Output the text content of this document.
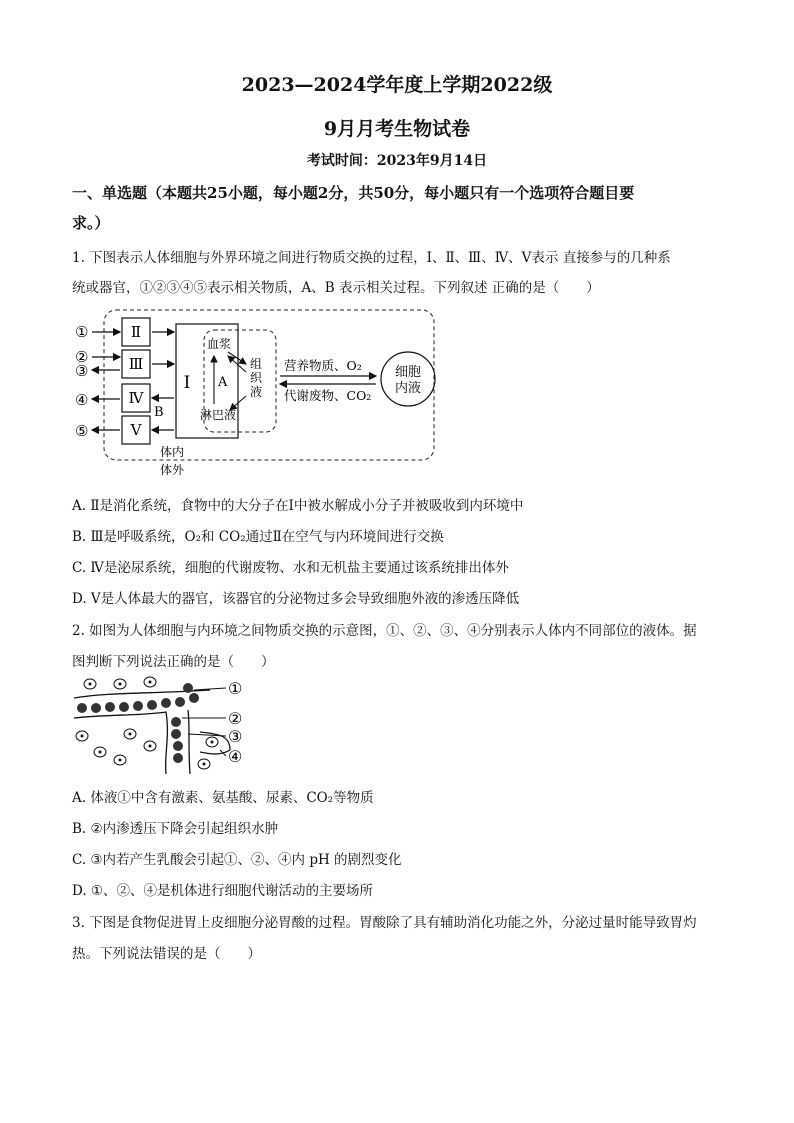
2023—2024学年度上学期2022级
9月月考生物试卷
考试时间：2023年9月14日
一、单选题（本题共25小题，每小题2分，共50分，每小题只有一个选项符合题目要
求。）
1. 下图表示人体细胞与外界环境之间进行物质交换的过程，Ⅰ、Ⅱ、Ⅲ、Ⅳ、Ⅴ表示 直接参与的几种系
统或器官，①②③④⑤表示相关物质，A、B 表示相关过程。下列叙述 正确的是（　　）
①
②
③
④
⑤
Ⅱ
Ⅲ
Ⅳ
Ⅴ
Ⅰ
B
血浆
淋巴液
组
织
液
A
营养物质、O₂
代谢废物、CO₂
细胞
内液
体内
体外
A. Ⅱ是消化系统，食物中的大分子在Ⅰ中被水解成小分子并被吸收到内环境中
B. Ⅲ是呼吸系统，O₂和 CO₂通过Ⅱ在空气与内环境间进行交换
C. Ⅳ是泌尿系统，细胞的代谢废物、水和无机盐主要通过该系统排出体外
D. Ⅴ是人体最大的器官，该器官的分泌物过多会导致细胞外液的渗透压降低
2. 如图为人体细胞与内环境之间物质交换的示意图，①、②、③、④分别表示人体内不同部位的液体。据
图判断下列说法正确的是（　　）
①
②
③
④
A. 体液①中含有激素、氨基酸、尿素、CO₂等物质
B. ②内渗透压下降会引起组织水肿
C. ③内若产生乳酸会引起①、②、④内 pH 的剧烈变化
D. ①、②、④是机体进行细胞代谢活动的主要场所
3. 下图是食物促进胃上皮细胞分泌胃酸的过程。胃酸除了具有辅助消化功能之外，分泌过量时能导致胃灼
热。下列说法错误的是（　　）
